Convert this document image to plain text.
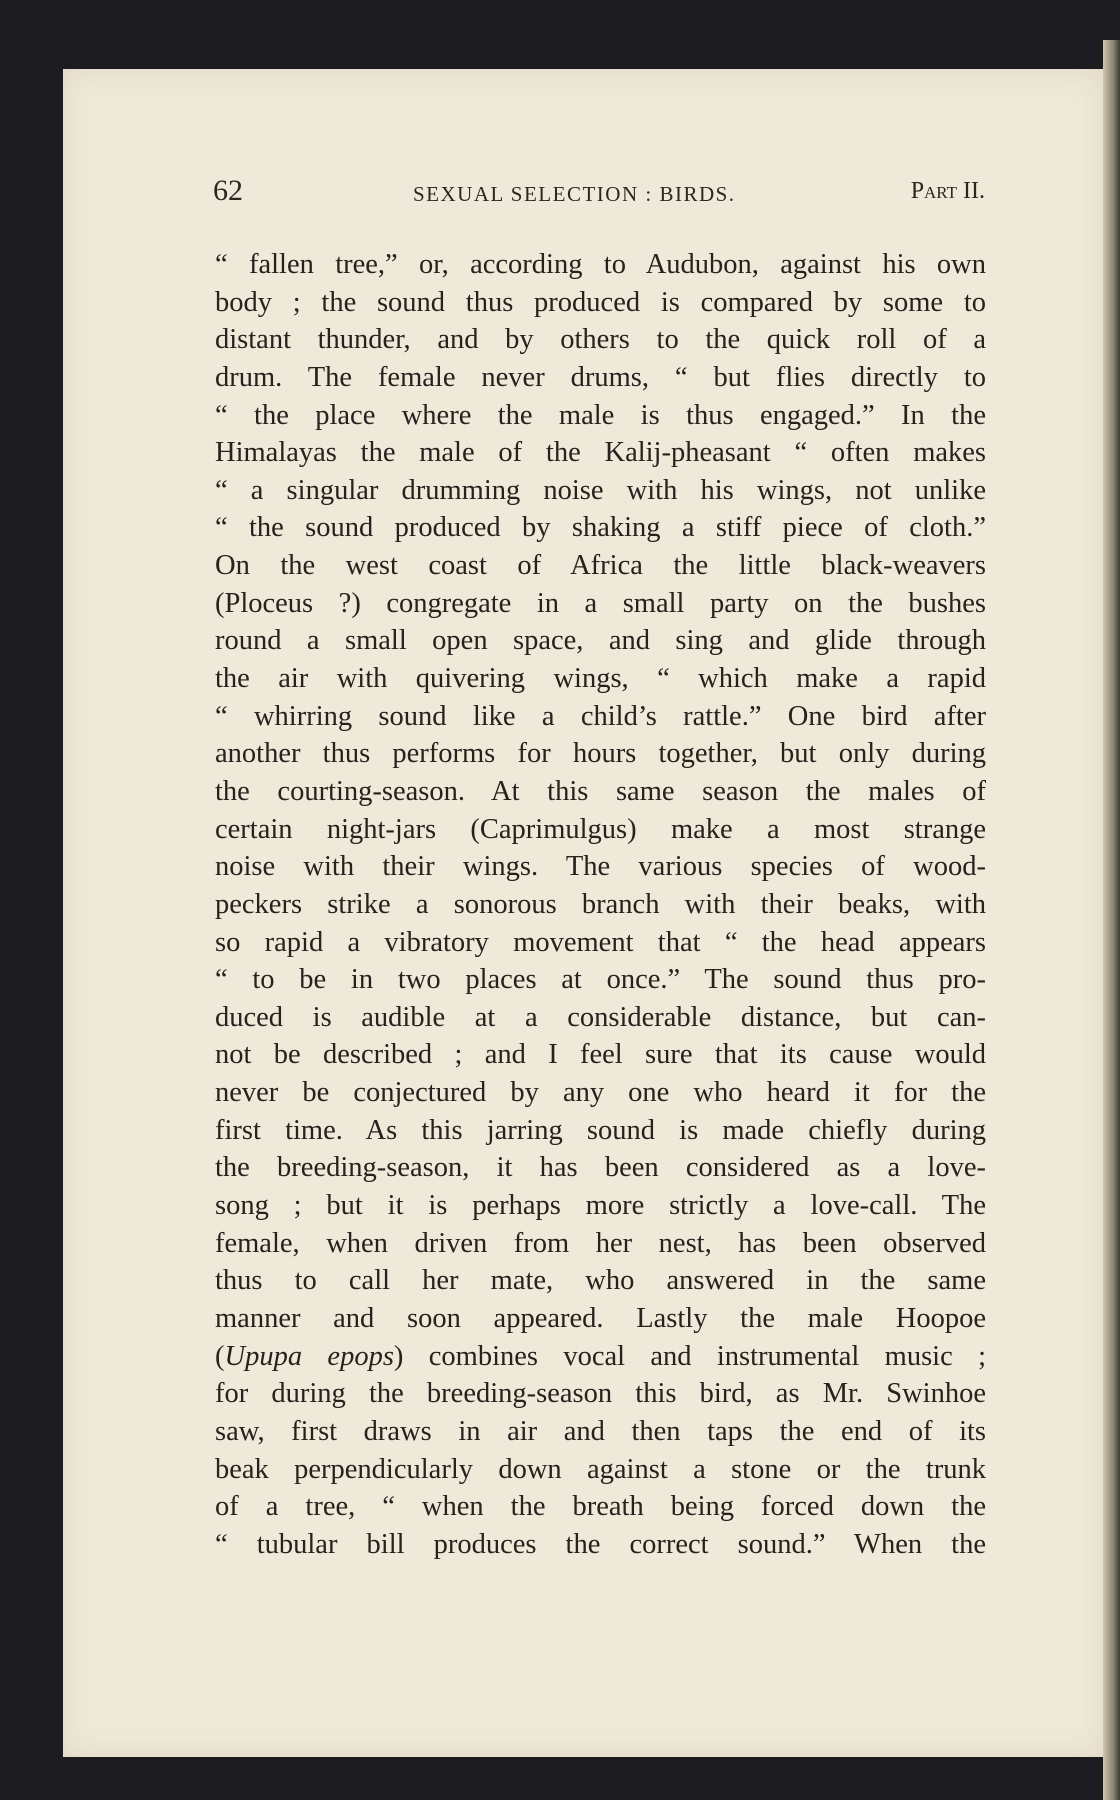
62	SEXUAL SELECTION : BIRDS.	Part II.
“ fallen tree,” or, according to Audubon, against his own
body ; the sound thus produced is compared by some to
distant thunder, and by others to the quick roll of a
drum. The female never drums, “ but flies directly to
“ the place where the male is thus engaged.” In the
Himalayas the male of the Kalij-pheasant “ often makes
“ a singular drumming noise with his wings, not unlike
“ the sound produced by shaking a stiff piece of cloth.”
On the west coast of Africa the little black-weavers
(Ploceus ?) congregate in a small party on the bushes
round a small open space, and sing and glide through
the air with quivering wings, “ which make a rapid
“ whirring sound like a child’s rattle.” One bird after
another thus performs for hours together, but only during
the courting-season. At this same season the males of
certain night-jars (Caprimulgus) make a most strange
noise with their wings. The various species of wood-
peckers strike a sonorous branch with their beaks, with
so rapid a vibratory movement that “ the head appears
“ to be in two places at once.” The sound thus pro-
duced is audible at a considerable distance, but can-
not be described ; and I feel sure that its cause would
never be conjectured by any one who heard it for the
first time. As this jarring sound is made chiefly during
the breeding-season, it has been considered as a love-
song ; but it is perhaps more strictly a love-call. The
female, when driven from her nest, has been observed
thus to call her mate, who answered in the same
manner and soon appeared. Lastly the male Hoopoe
(Upupa epops) combines vocal and instrumental music ;
for during the breeding-season this bird, as Mr. Swinhoe
saw, first draws in air and then taps the end of its
beak perpendicularly down against a stone or the trunk
of a tree, “ when the breath being forced down the
“ tubular bill produces the correct sound.” When the
